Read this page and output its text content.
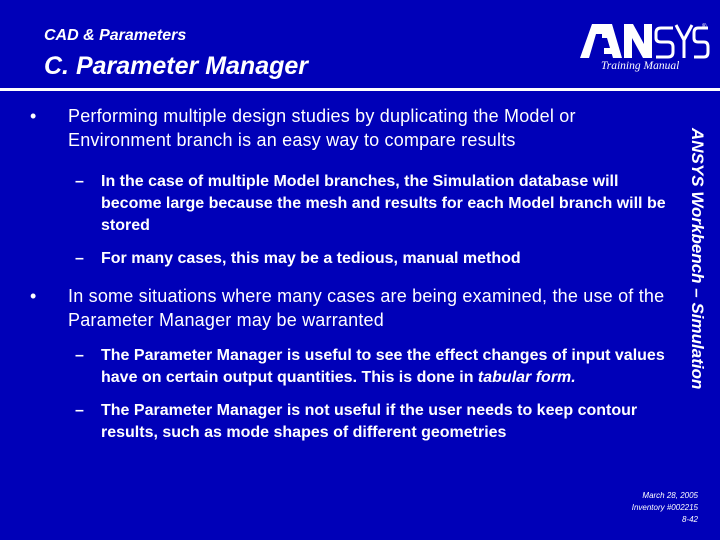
CAD & Parameters
C. Parameter Manager
®
Training Manual
ANSYS Workbench – Simulation
•	Performing multiple design studies by duplicating the Model or Environment branch is an easy way to compare results
– In the case of multiple Model branches, the Simulation database will become large because the mesh and results for each Model branch will be stored
– For many cases, this may be a tedious, manual method
•	In some situations where many cases are being examined, the use of the Parameter Manager may be warranted
– The Parameter Manager is useful to see the effect changes of input values have on certain output quantities. This is done in tabular form.
– The Parameter Manager is not useful if the user needs to keep contour results, such as mode shapes of different geometries
March 28, 2005
Inventory #002215
8-42
